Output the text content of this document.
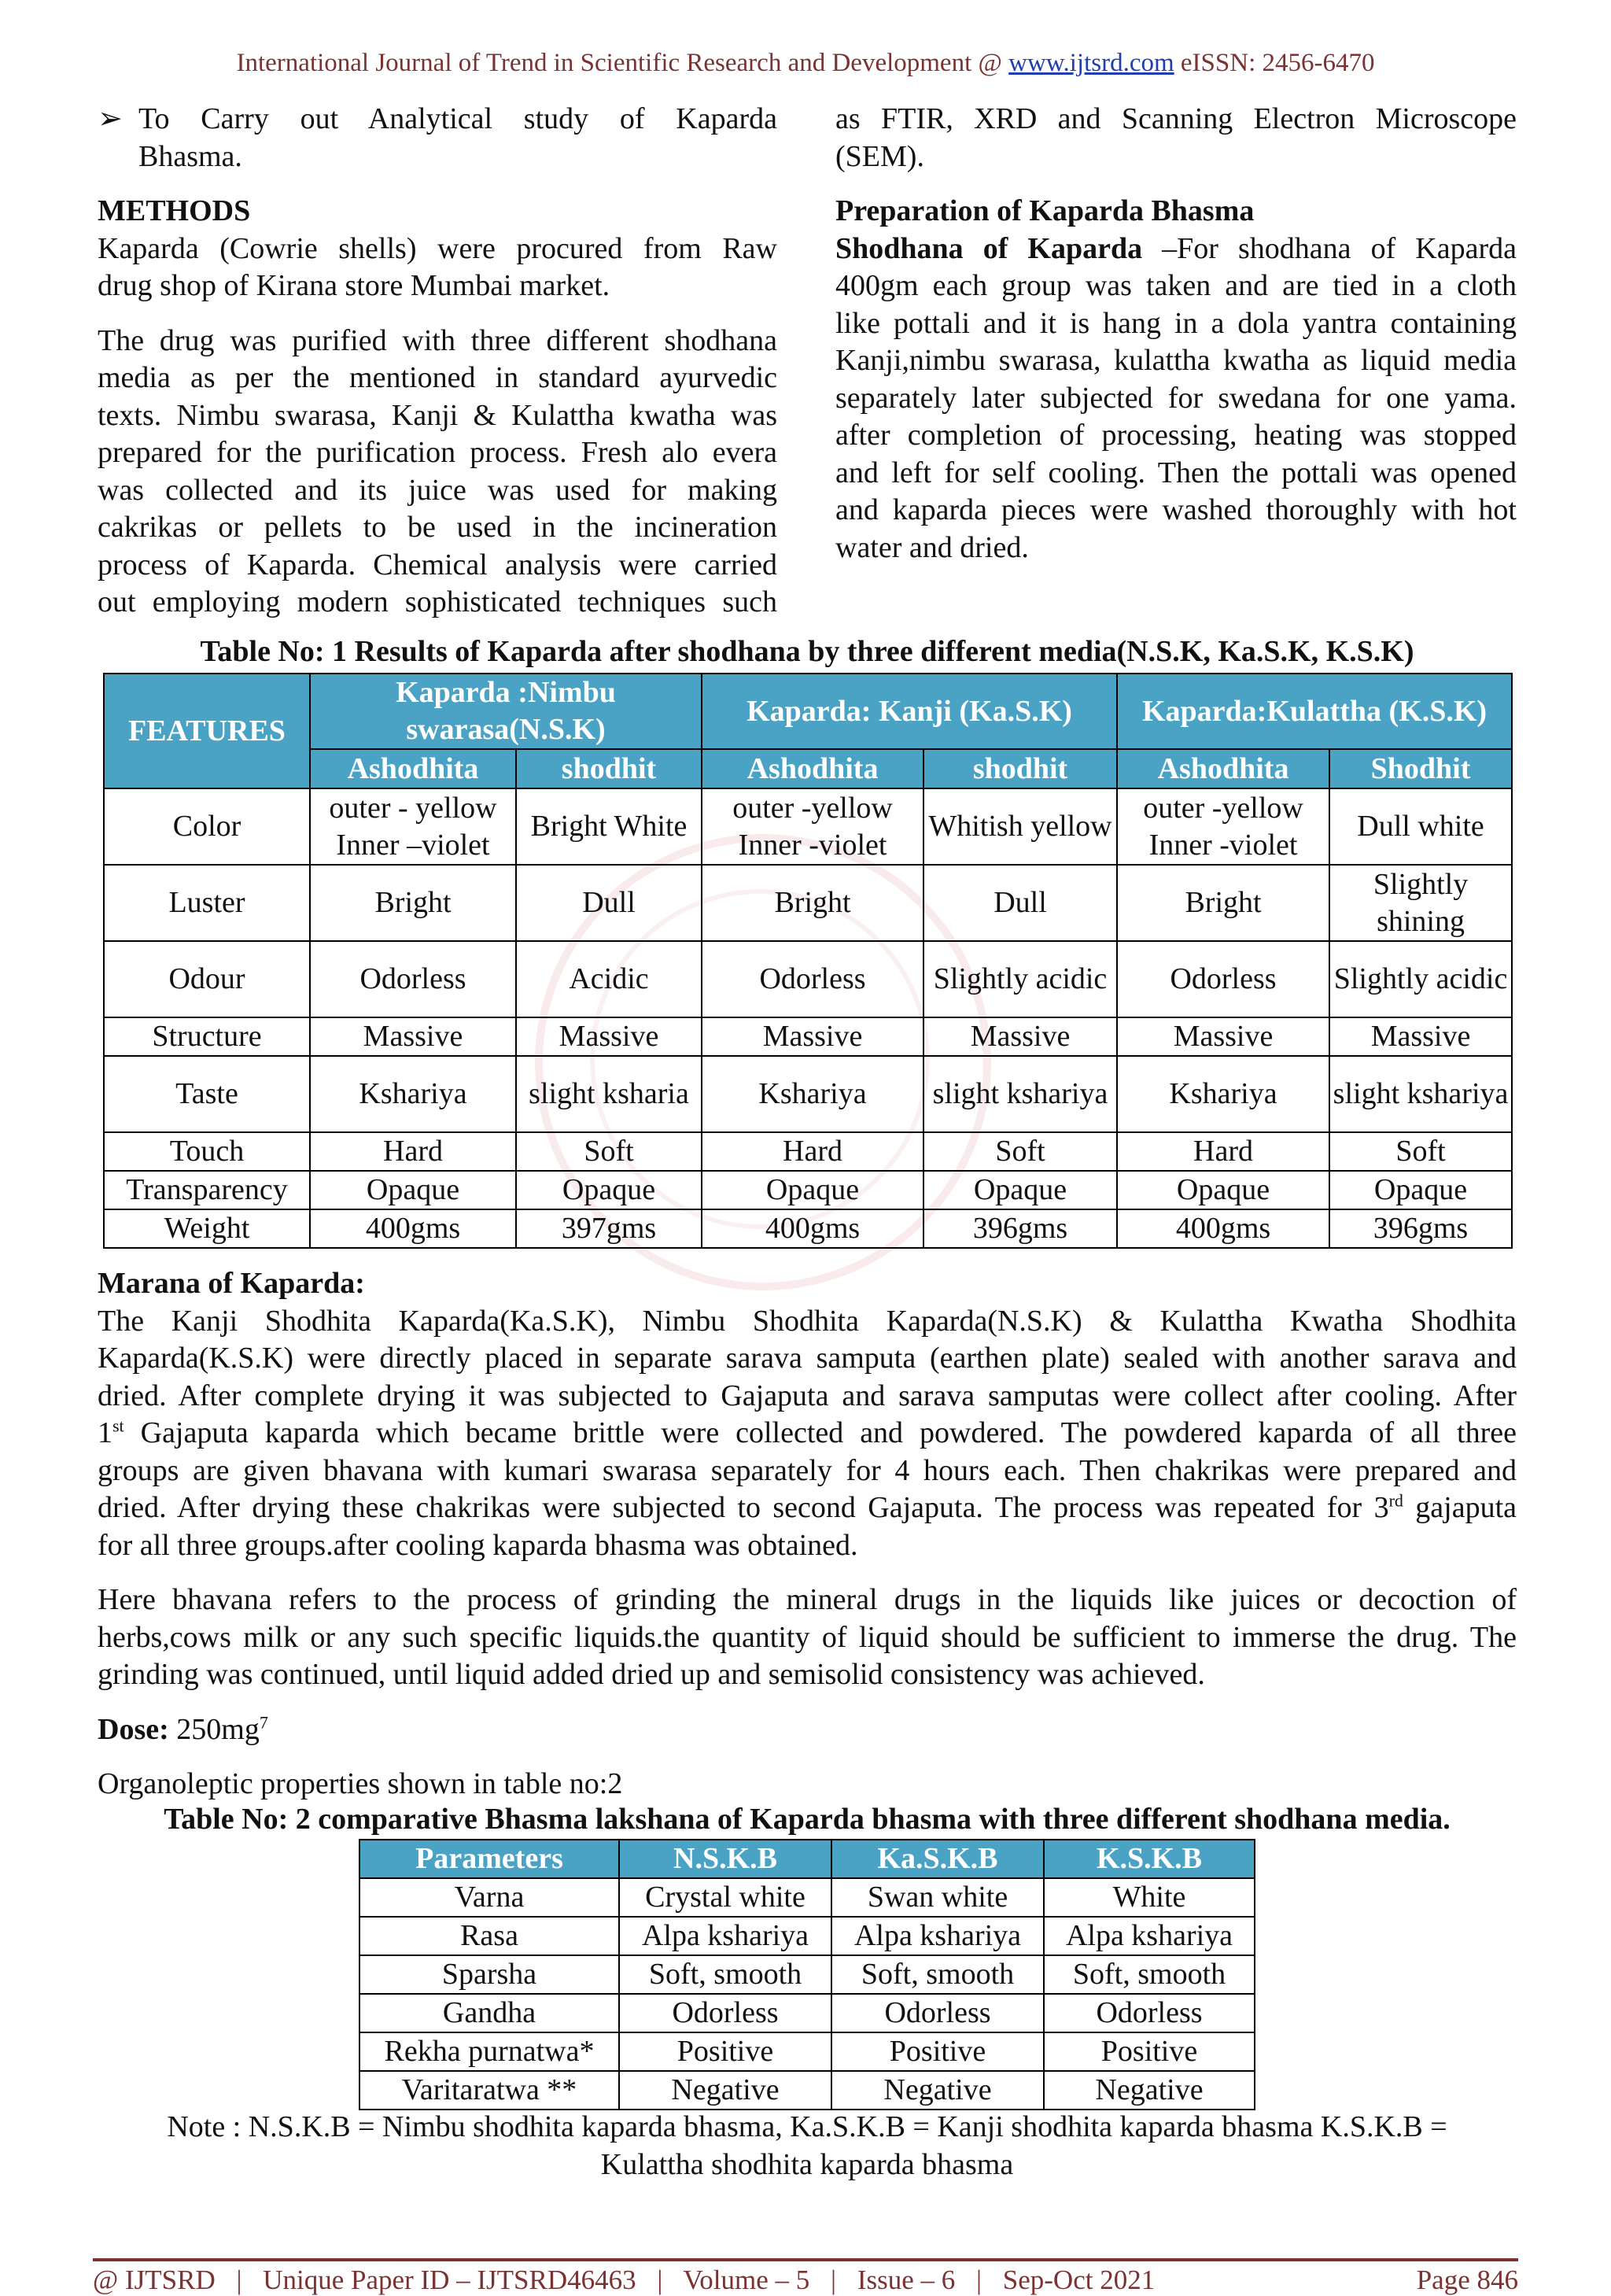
International Journal of Trend in Scientific Research and Development @ www.ijtsrd.com eISSN: 2456-6470
➢ To Carry out Analytical study of Kaparda

Bhasma.

METHODS

Kaparda (Cowrie shells) were procured from Raw

drug shop of Kirana store Mumbai market.

The drug was purified with three different shodhana

media as per the mentioned in standard ayurvedic

texts. Nimbu swarasa, Kanji & Kulattha kwatha was

prepared for the purification process. Fresh alo evera

was collected and its juice was used for making

cakrikas or pellets to be used in the incineration

process of Kaparda. Chemical analysis were carried

out employing modern sophisticated techniques such

as FTIR, XRD and Scanning Electron Microscope

(SEM).

Preparation of Kaparda Bhasma

Shodhana of Kaparda –For shodhana of Kaparda

400gm each group was taken and are tied in a cloth

like pottali and it is hang in a dola yantra containing

Kanji,nimbu swarasa, kulattha kwatha as liquid media

separately later subjected for swedana for one yama.

after completion of processing, heating was stopped

and left for self cooling. Then the pottali was opened

and kaparda pieces were washed thoroughly with hot

water and dried.

Table No: 1 Results of Kaparda after shodhana by three different media(N.S.K, Ka.S.K, K.S.K)
FEATURES	Kaparda :Nimbu swarasa(N.S.K)		Kaparda: Kanji (Ka.S.K)		Kaparda:Kulattha (K.S.K)	
	Ashodhita	shodhit	Ashodhita	shodhit	Ashodhita	Shodhit
Color	outer - yellow Inner –violet	Bright White	outer -yellow Inner -violet	Whitish yellow	outer -yellow Inner -violet	Dull white
Luster	Bright	Dull	Bright	Dull	Bright	Slightly shining
Odour	Odorless	Acidic	Odorless	Slightly acidic	Odorless	Slightly acidic
Structure	Massive	Massive	Massive	Massive	Massive	Massive
Taste	Kshariya	slight ksharia	Kshariya	slight kshariya	Kshariya	slight kshariya
Touch	Hard	Soft	Hard	Soft	Hard	Soft
Transparency	Opaque	Opaque	Opaque	Opaque	Opaque	Opaque
Weight	400gms	397gms	400gms	396gms	400gms	396gms

Marana of Kaparda:

The Kanji Shodhita Kaparda(Ka.S.K), Nimbu Shodhita Kaparda(N.S.K) & Kulattha Kwatha Shodhita

Kaparda(K.S.K) were directly placed in separate sarava samputa (earthen plate) sealed with another sarava and

dried. After complete drying it was subjected to Gajaputa and sarava samputas were collect after cooling. After

1st Gajaputa kaparda which became brittle were collected and powdered. The powdered kaparda of all three

groups are given bhavana with kumari swarasa separately for 4 hours each. Then chakrikas were prepared and

dried. After drying these chakrikas were subjected to second Gajaputa. The process was repeated for 3rd gajaputa

for all three groups.after cooling kaparda bhasma was obtained.

Here bhavana refers to the process of grinding the mineral drugs in the liquids like juices or decoction of

herbs,cows milk or any such specific liquids.the quantity of liquid should be sufficient to immerse the drug. The

grinding was continued, until liquid added dried up and semisolid consistency was achieved.

Dose: $250mg^7$

Organoleptic properties shown in table no:2

Table No: 2 comparative Bhasma lakshana of Kaparda bhasma with three different shodhana media.
Parameters	N.S.K.B	Ka.S.K.B	K.S.K.B
Varna	Crystal white	Swan white	White
Rasa	Alpa kshariya	Alpa kshariya	Alpa kshariya
Sparsha	Soft, smooth	Soft, smooth	Soft, smooth
Gandha	Odorless	Odorless	Odorless
Rekha purnatwa*	Positive	Positive	Positive
Varitaratwa **	Negative	Negative	Negative

Note : N.S.K.B = Nimbu shodhita kaparda bhasma, Ka.S.K.B = Kanji shodhita kaparda bhasma K.S.K.B =

Kulattha shodhita kaparda bhasma

@ IJTSRD | Unique Paper ID – IJTSRD46463 | Volume – 5 | Issue – 6 | Sep-Oct 2021	Page 846
